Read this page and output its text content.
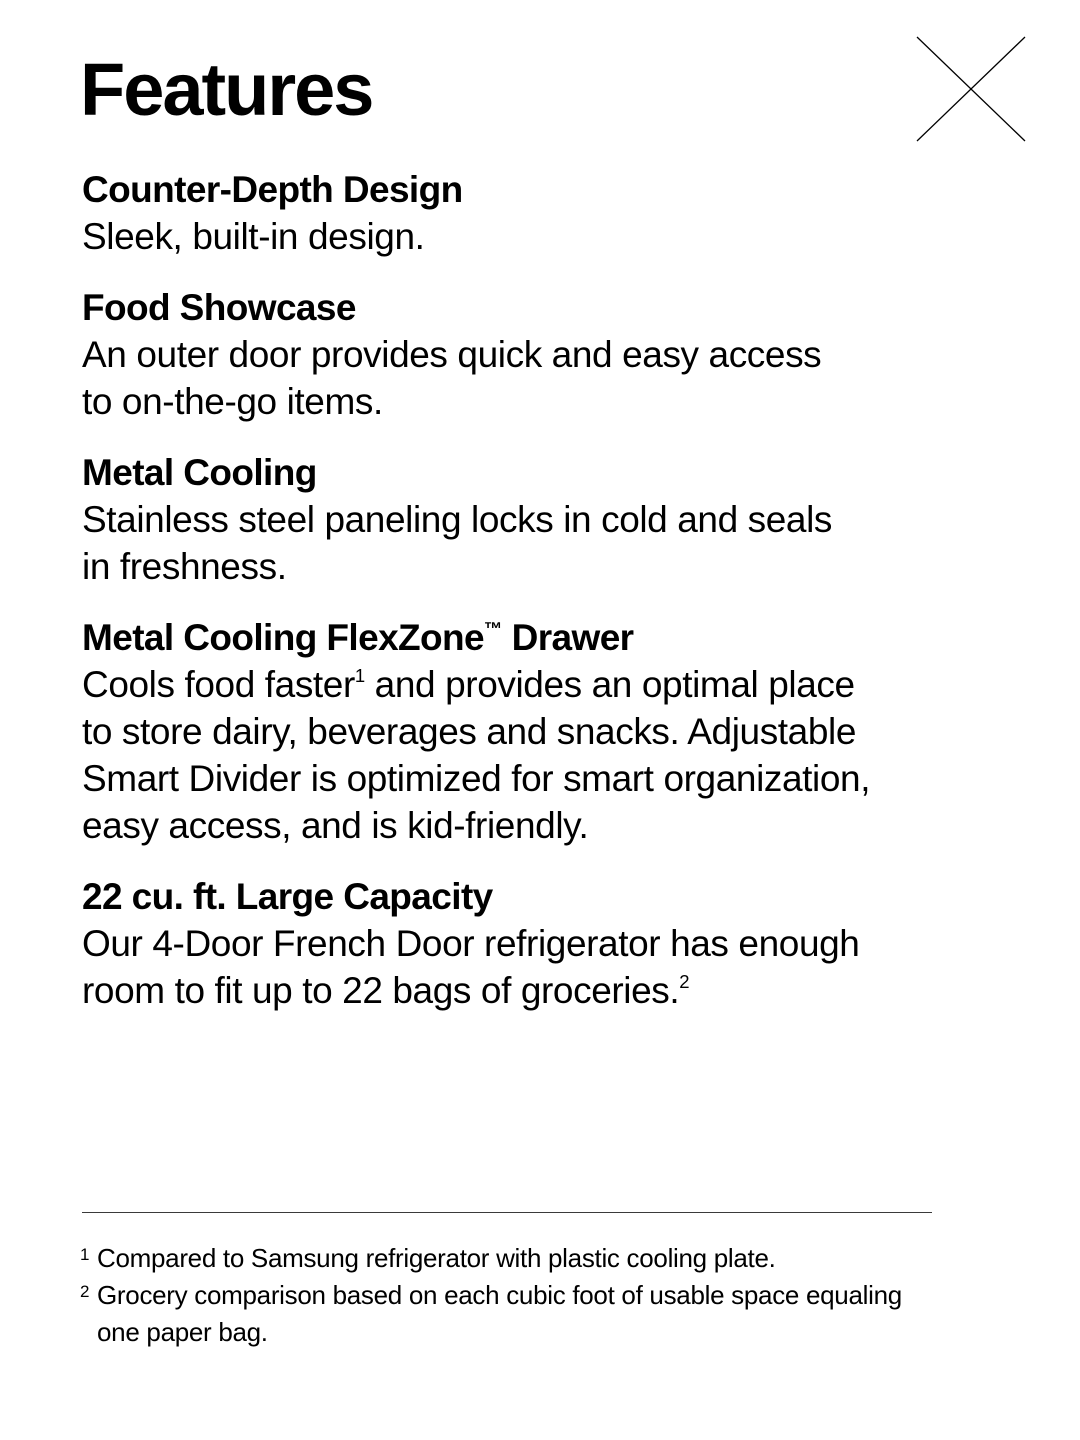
Features
Counter-Depth Design
Sleek, built-in design.
Food Showcase
An outer door provides quick and easy access
to on-the-go items.
Metal Cooling
Stainless steel paneling locks in cold and seals
in freshness.
Metal Cooling FlexZone™ Drawer
Cools food faster$^1$ and provides an optimal place
to store dairy, beverages and snacks. Adjustable
Smart Divider is optimized for smart organization,
easy access, and is kid-friendly.
22 cu. ft. Large Capacity
Our 4-Door French Door refrigerator has enough
room to fit up to 22 bags of groceries.$^2$
1 Compared to Samsung refrigerator with plastic cooling plate.
2 Grocery comparison based on each cubic foot of usable space equaling one paper bag.
